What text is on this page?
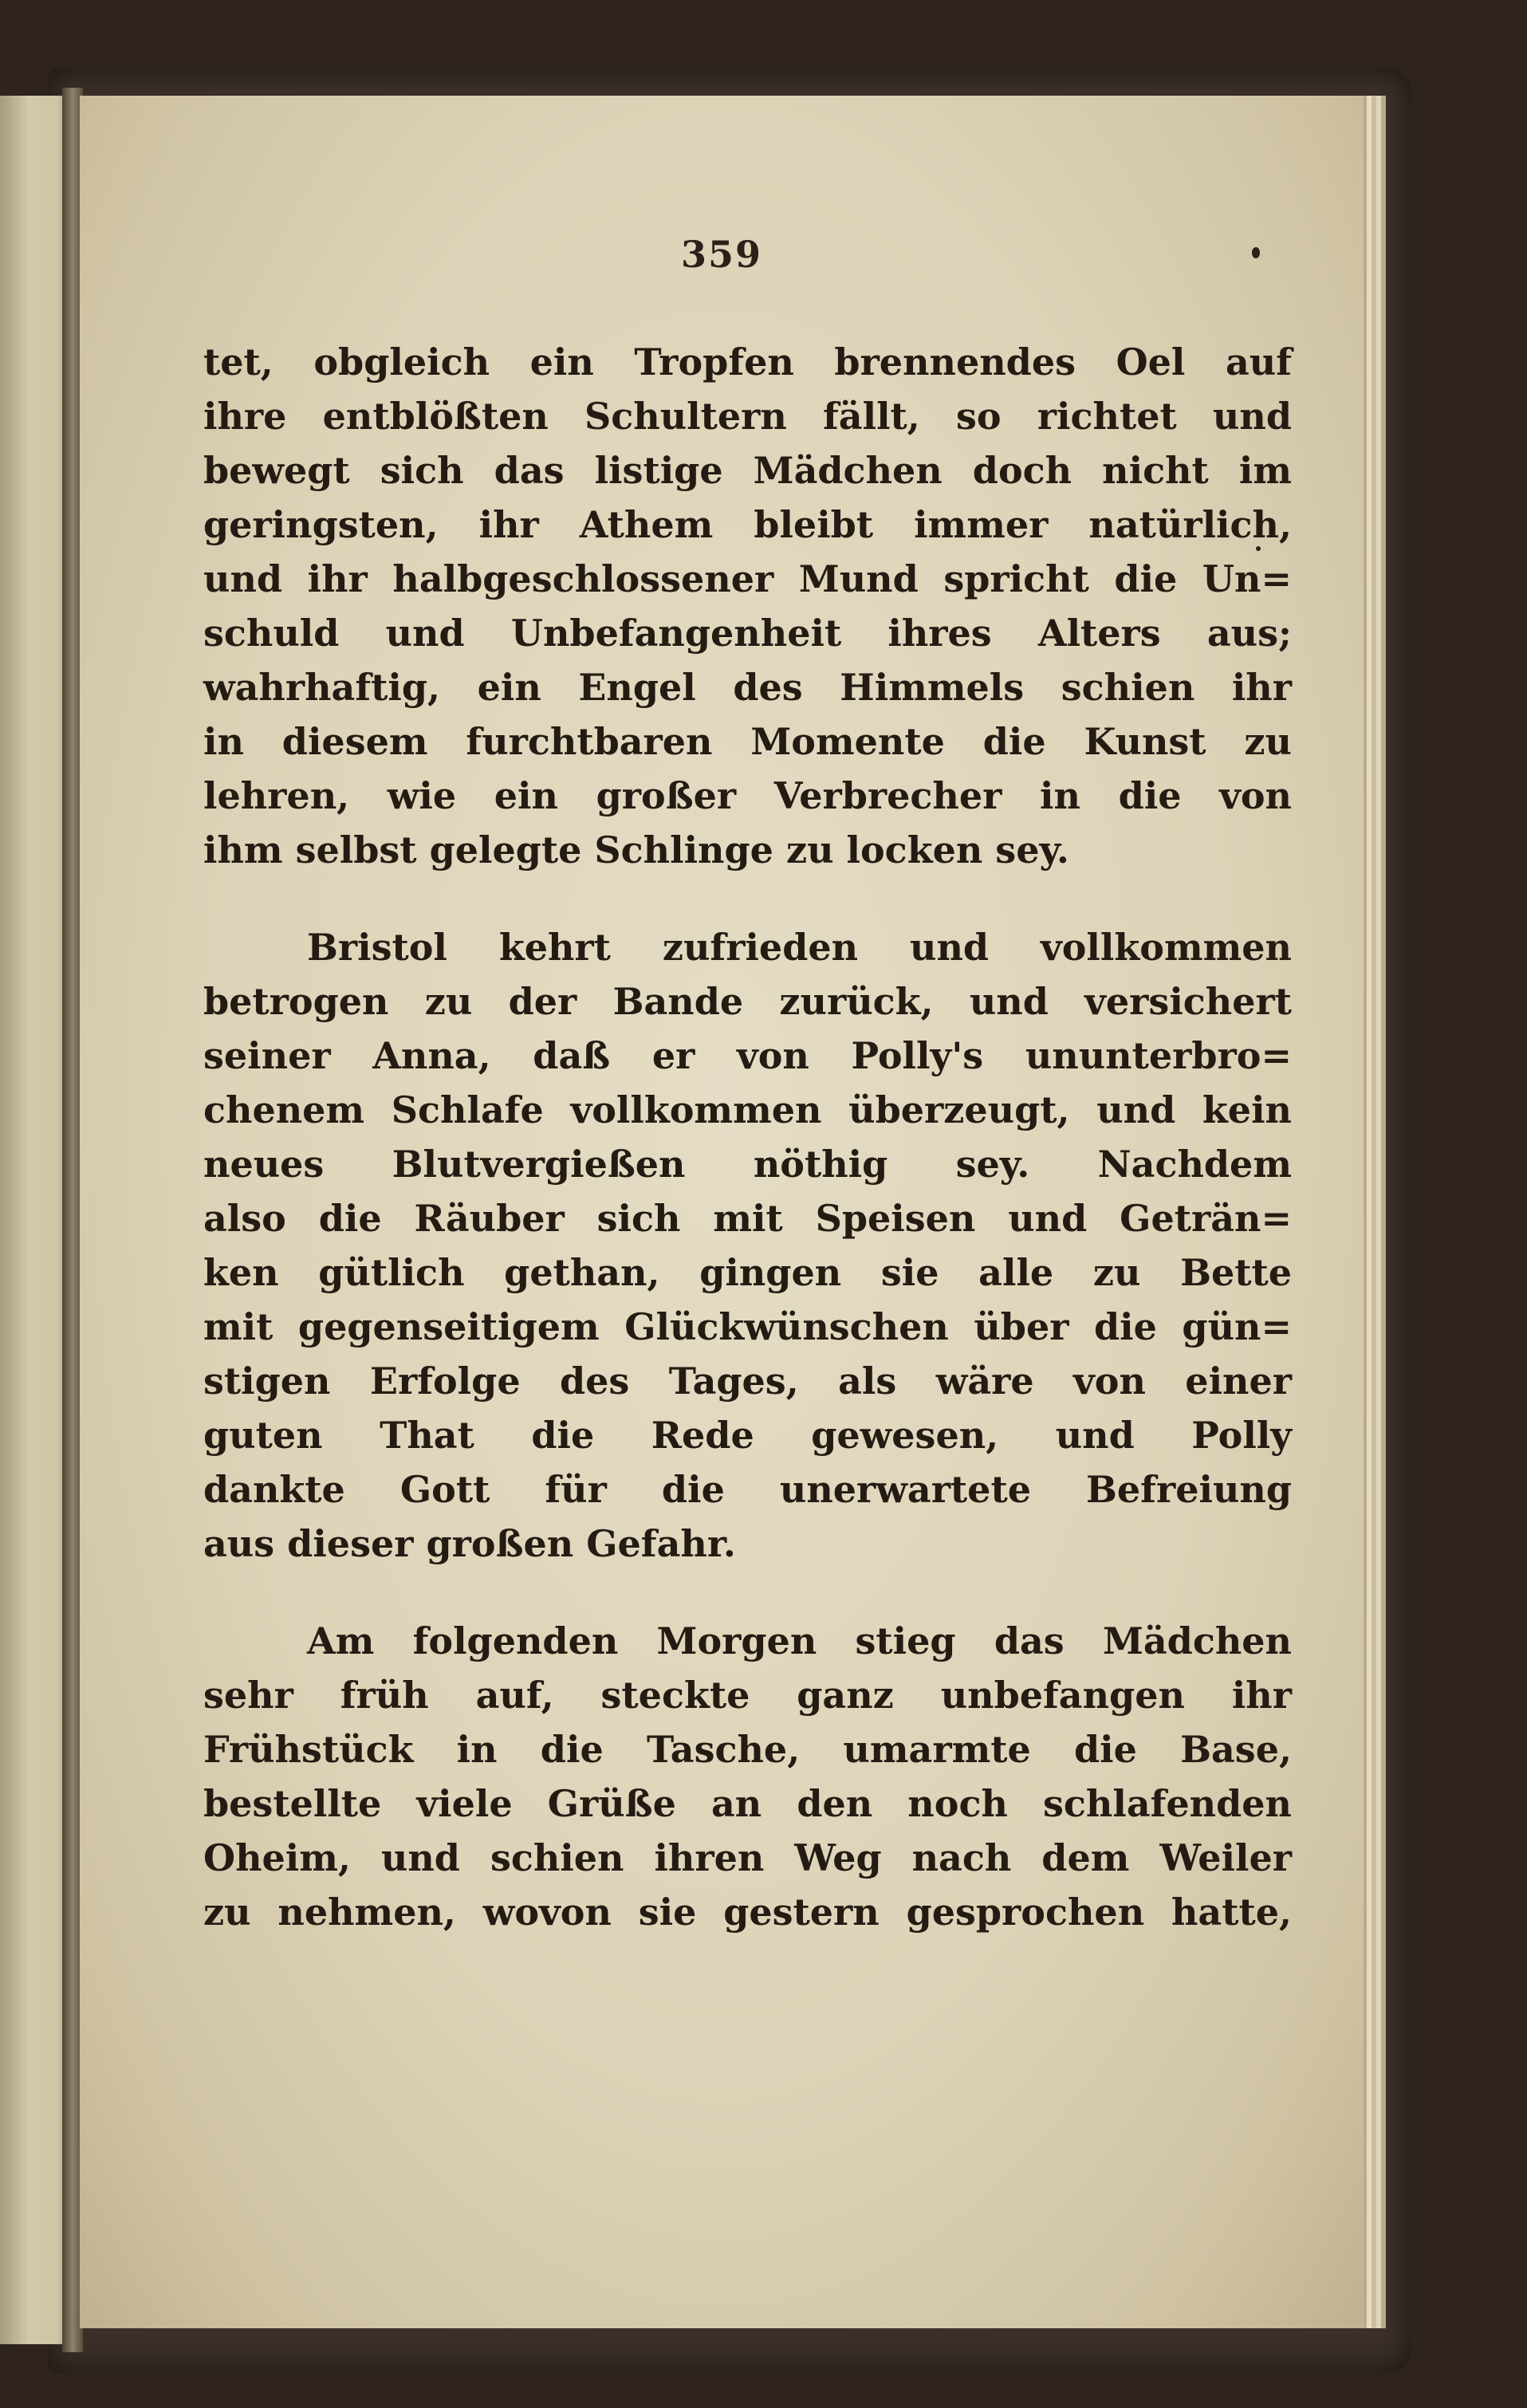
359
tet, obgleich ein Tropfen brennendes Oel auf
ihre entblößten Schultern fällt, so richtet und
bewegt sich das listige Mädchen doch nicht im
geringsten, ihr Athem bleibt immer natürlich,
und ihr halbgeschlossener Mund spricht die Un=
schuld und Unbefangenheit ihres Alters aus;
wahrhaftig, ein Engel des Himmels schien ihr
in diesem furchtbaren Momente die Kunst zu
lehren, wie ein großer Verbrecher in die von
ihm selbst gelegte Schlinge zu locken sey.
Bristol kehrt zufrieden und vollkommen
betrogen zu der Bande zurück, und versichert
seiner Anna, daß er von Polly's ununterbro=
chenem Schlafe vollkommen überzeugt, und kein
neues Blutvergießen nöthig sey. Nachdem
also die Räuber sich mit Speisen und Geträn=
ken gütlich gethan, gingen sie alle zu Bette
mit gegenseitigem Glückwünschen über die gün=
stigen Erfolge des Tages, als wäre von einer
guten That die Rede gewesen, und Polly
dankte Gott für die unerwartete Befreiung
aus dieser großen Gefahr.
Am folgenden Morgen stieg das Mädchen
sehr früh auf, steckte ganz unbefangen ihr
Frühstück in die Tasche, umarmte die Base,
bestellte viele Grüße an den noch schlafenden
Oheim, und schien ihren Weg nach dem Weiler
zu nehmen, wovon sie gestern gesprochen hatte,
